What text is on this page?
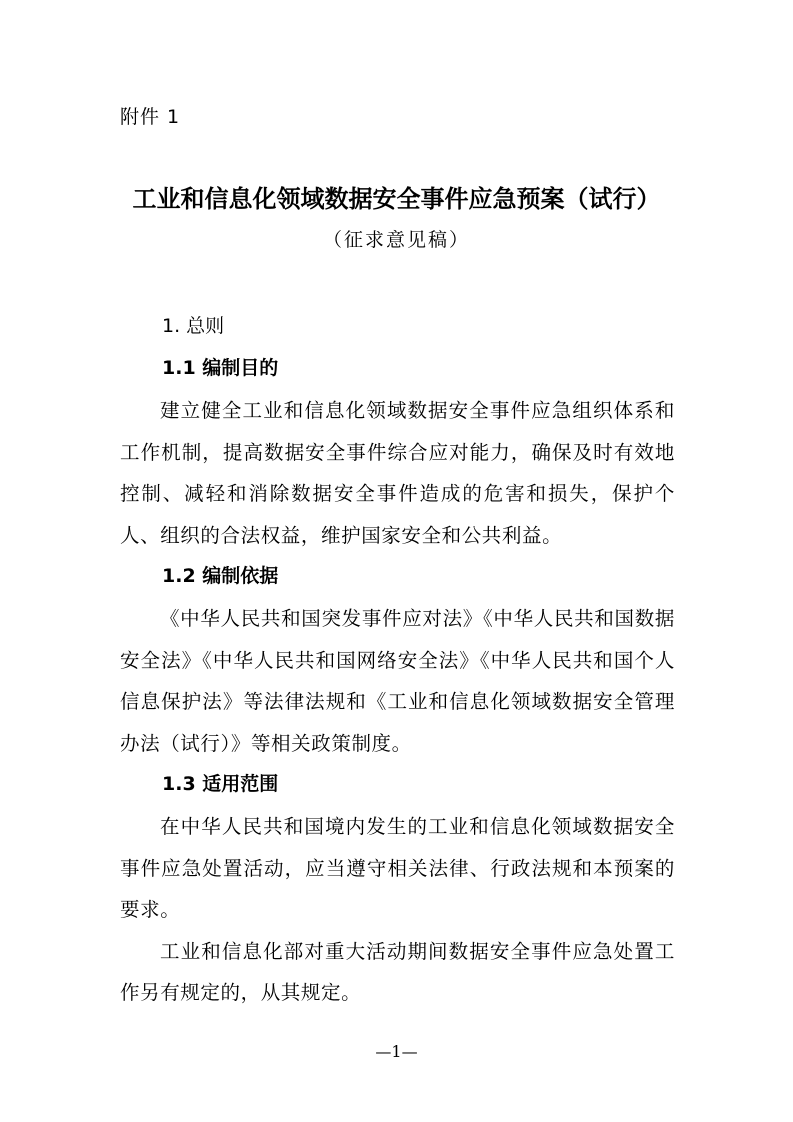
附件 1

工业和信息化领域数据安全事件应急预案（试行）

（征求意见稿）

1. 总则
1.1 编制目的

建立健全工业和信息化领域数据安全事件应急组织体系和工作机制，提高数据安全事件综合应对能力，确保及时有效地控制、减轻和消除数据安全事件造成的危害和损失，保护个人、组织的合法权益，维护国家安全和公共利益。

1.2 编制依据

《中华人民共和国突发事件应对法》《中华人民共和国数据安全法》《中华人民共和国网络安全法》《中华人民共和国个人信息保护法》等法律法规和《工业和信息化领域数据安全管理办法（试行）》等相关政策制度。

1.3 适用范围

在中华人民共和国境内发生的工业和信息化领域数据安全事件应急处置活动，应当遵守相关法律、行政法规和本预案的要求。

工业和信息化部对重大活动期间数据安全事件应急处置工作另有规定的，从其规定。

—1—
